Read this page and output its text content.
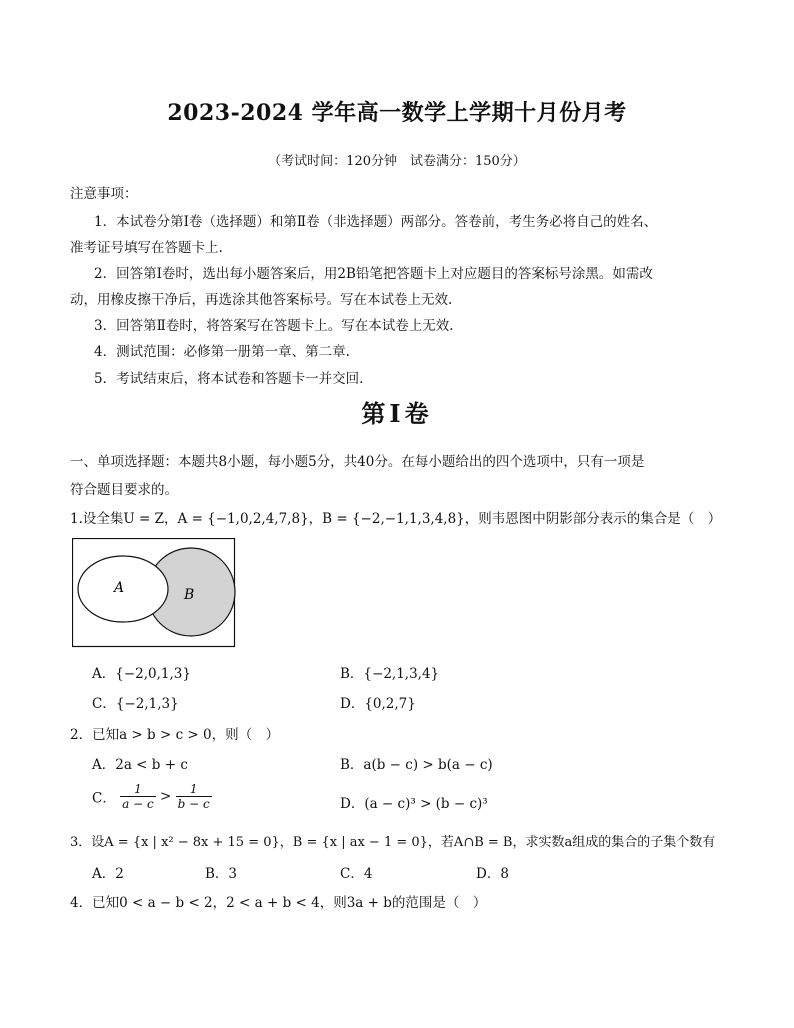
2023-2024 学年高一数学上学期十月份月考
（考试时间：120分钟　试卷满分：150分）
注意事项：
1．本试卷分第Ⅰ卷（选择题）和第Ⅱ卷（非选择题）两部分。答卷前，考生务必将自己的姓名、
准考证号填写在答题卡上.
2．回答第Ⅰ卷时，选出每小题答案后，用2B铅笔把答题卡上对应题目的答案标号涂黑。如需改
动，用橡皮擦干净后，再选涂其他答案标号。写在本试卷上无效.
3．回答第Ⅱ卷时，将答案写在答题卡上。写在本试卷上无效.
4．测试范围：必修第一册第一章、第二章.
5．考试结束后，将本试卷和答题卡一并交回.
第Ⅰ卷
一、单项选择题：本题共8小题，每小题5分，共40分。在每小题给出的四个选项中，只有一项是
符合题目要求的。
1.设全集U = Z，A = {−1,0,2,4,7,8}，B = {−2,−1,1,3,4,8}，则韦恩图中阴影部分表示的集合是（　）
A	B
A．{−2,0,1,3}	B．{−2,1,3,4}
C．{−2,1,3}	D．{0,2,7}
2．已知a > b > c > 0，则（　）
A．2a < b + c	B．a(b − c) > b(a − c)
C． $\frac{1}{a - c} > \frac{1}{b - c}$	D．(a − c)³ > (b − c)³
3．设A = {x | x² − 8x + 15 = 0}，B = {x | ax − 1 = 0}，若A∩B = B，求实数a组成的集合的子集个数有
A．2	B．3	C．4	D．8
4．已知0 < a − b < 2，2 < a + b < 4，则3a + b的范围是（　）
